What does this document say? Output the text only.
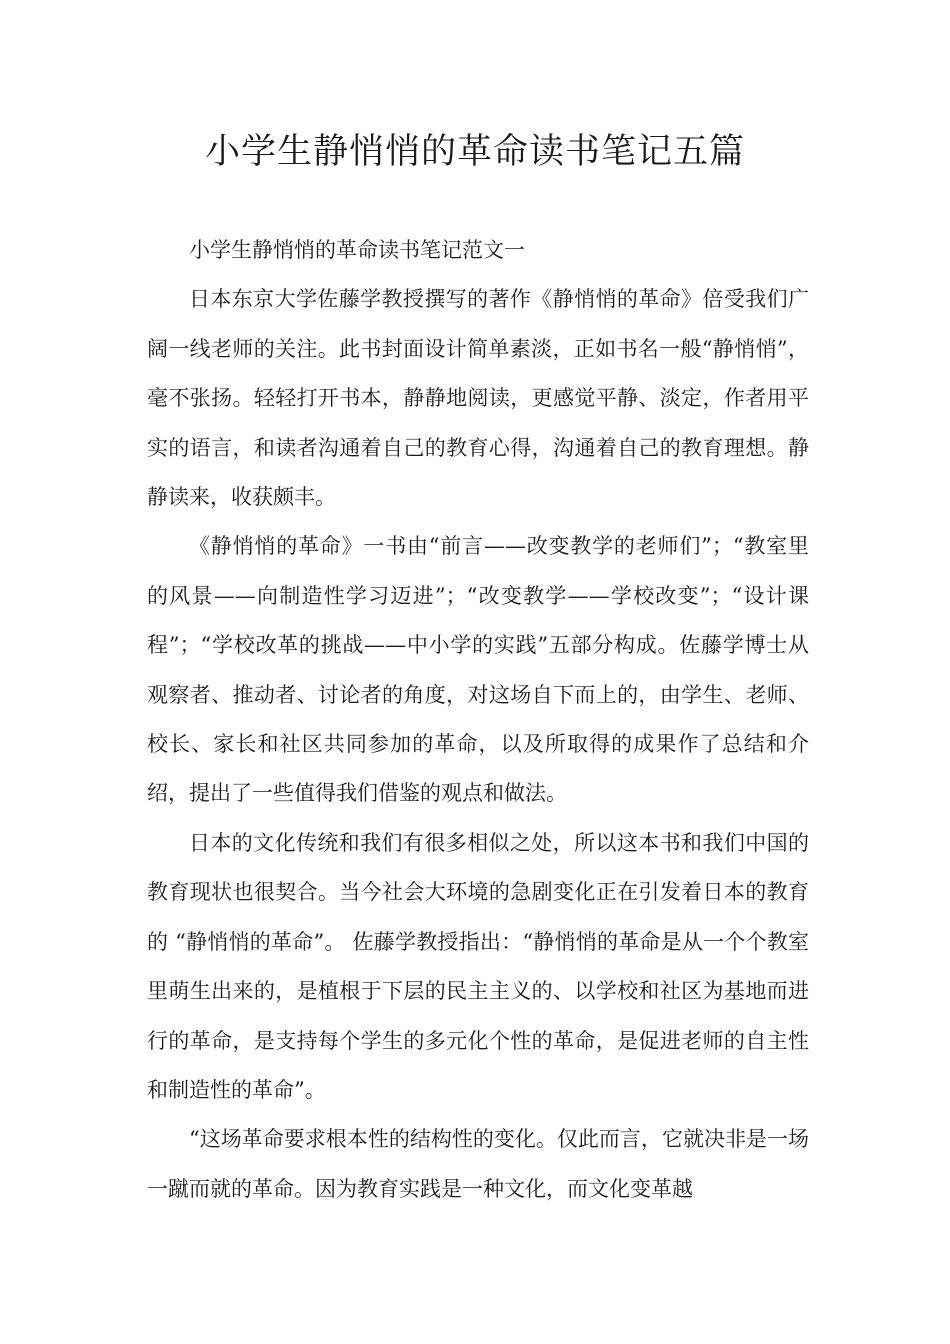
小学生静悄悄的革命读书笔记五篇

小学生静悄悄的革命读书笔记范文一

日本东京大学佐藤学教授撰写的著作《静悄悄的革命》倍受我们广阔一线老师的关注。此书封面设计简单素淡，正如书名一般“静悄悄”，毫不张扬。轻轻打开书本，静静地阅读，更感觉平静、淡定，作者用平实的语言，和读者沟通着自己的教育心得，沟通着自己的教育理想。静静读来，收获颇丰。

《静悄悄的革命》一书由“前言——改变教学的老师们”；“教室里的风景——向制造性学习迈进”；“改变教学——学校改变”；“设计课程”；“学校改革的挑战——中小学的实践”五部分构成。佐藤学博士从观察者、推动者、讨论者的角度，对这场自下而上的，由学生、老师、校长、家长和社区共同参加的革命，以及所取得的成果作了总结和介绍，提出了一些值得我们借鉴的观点和做法。

日本的文化传统和我们有很多相似之处，所以这本书和我们中国的教育现状也很契合。当今社会大环境的急剧变化正在引发着日本的教育的 “静悄悄的革命”。 佐藤学教授指出：“静悄悄的革命是从一个个教室里萌生出来的，是植根于下层的民主主义的、以学校和社区为基地而进行的革命，是支持每个学生的多元化个性的革命，是促进老师的自主性和制造性的革命”。

“这场革命要求根本性的结构性的变化。仅此而言，它就决非是一场一蹴而就的革命。因为教育实践是一种文化，而文化变革越
